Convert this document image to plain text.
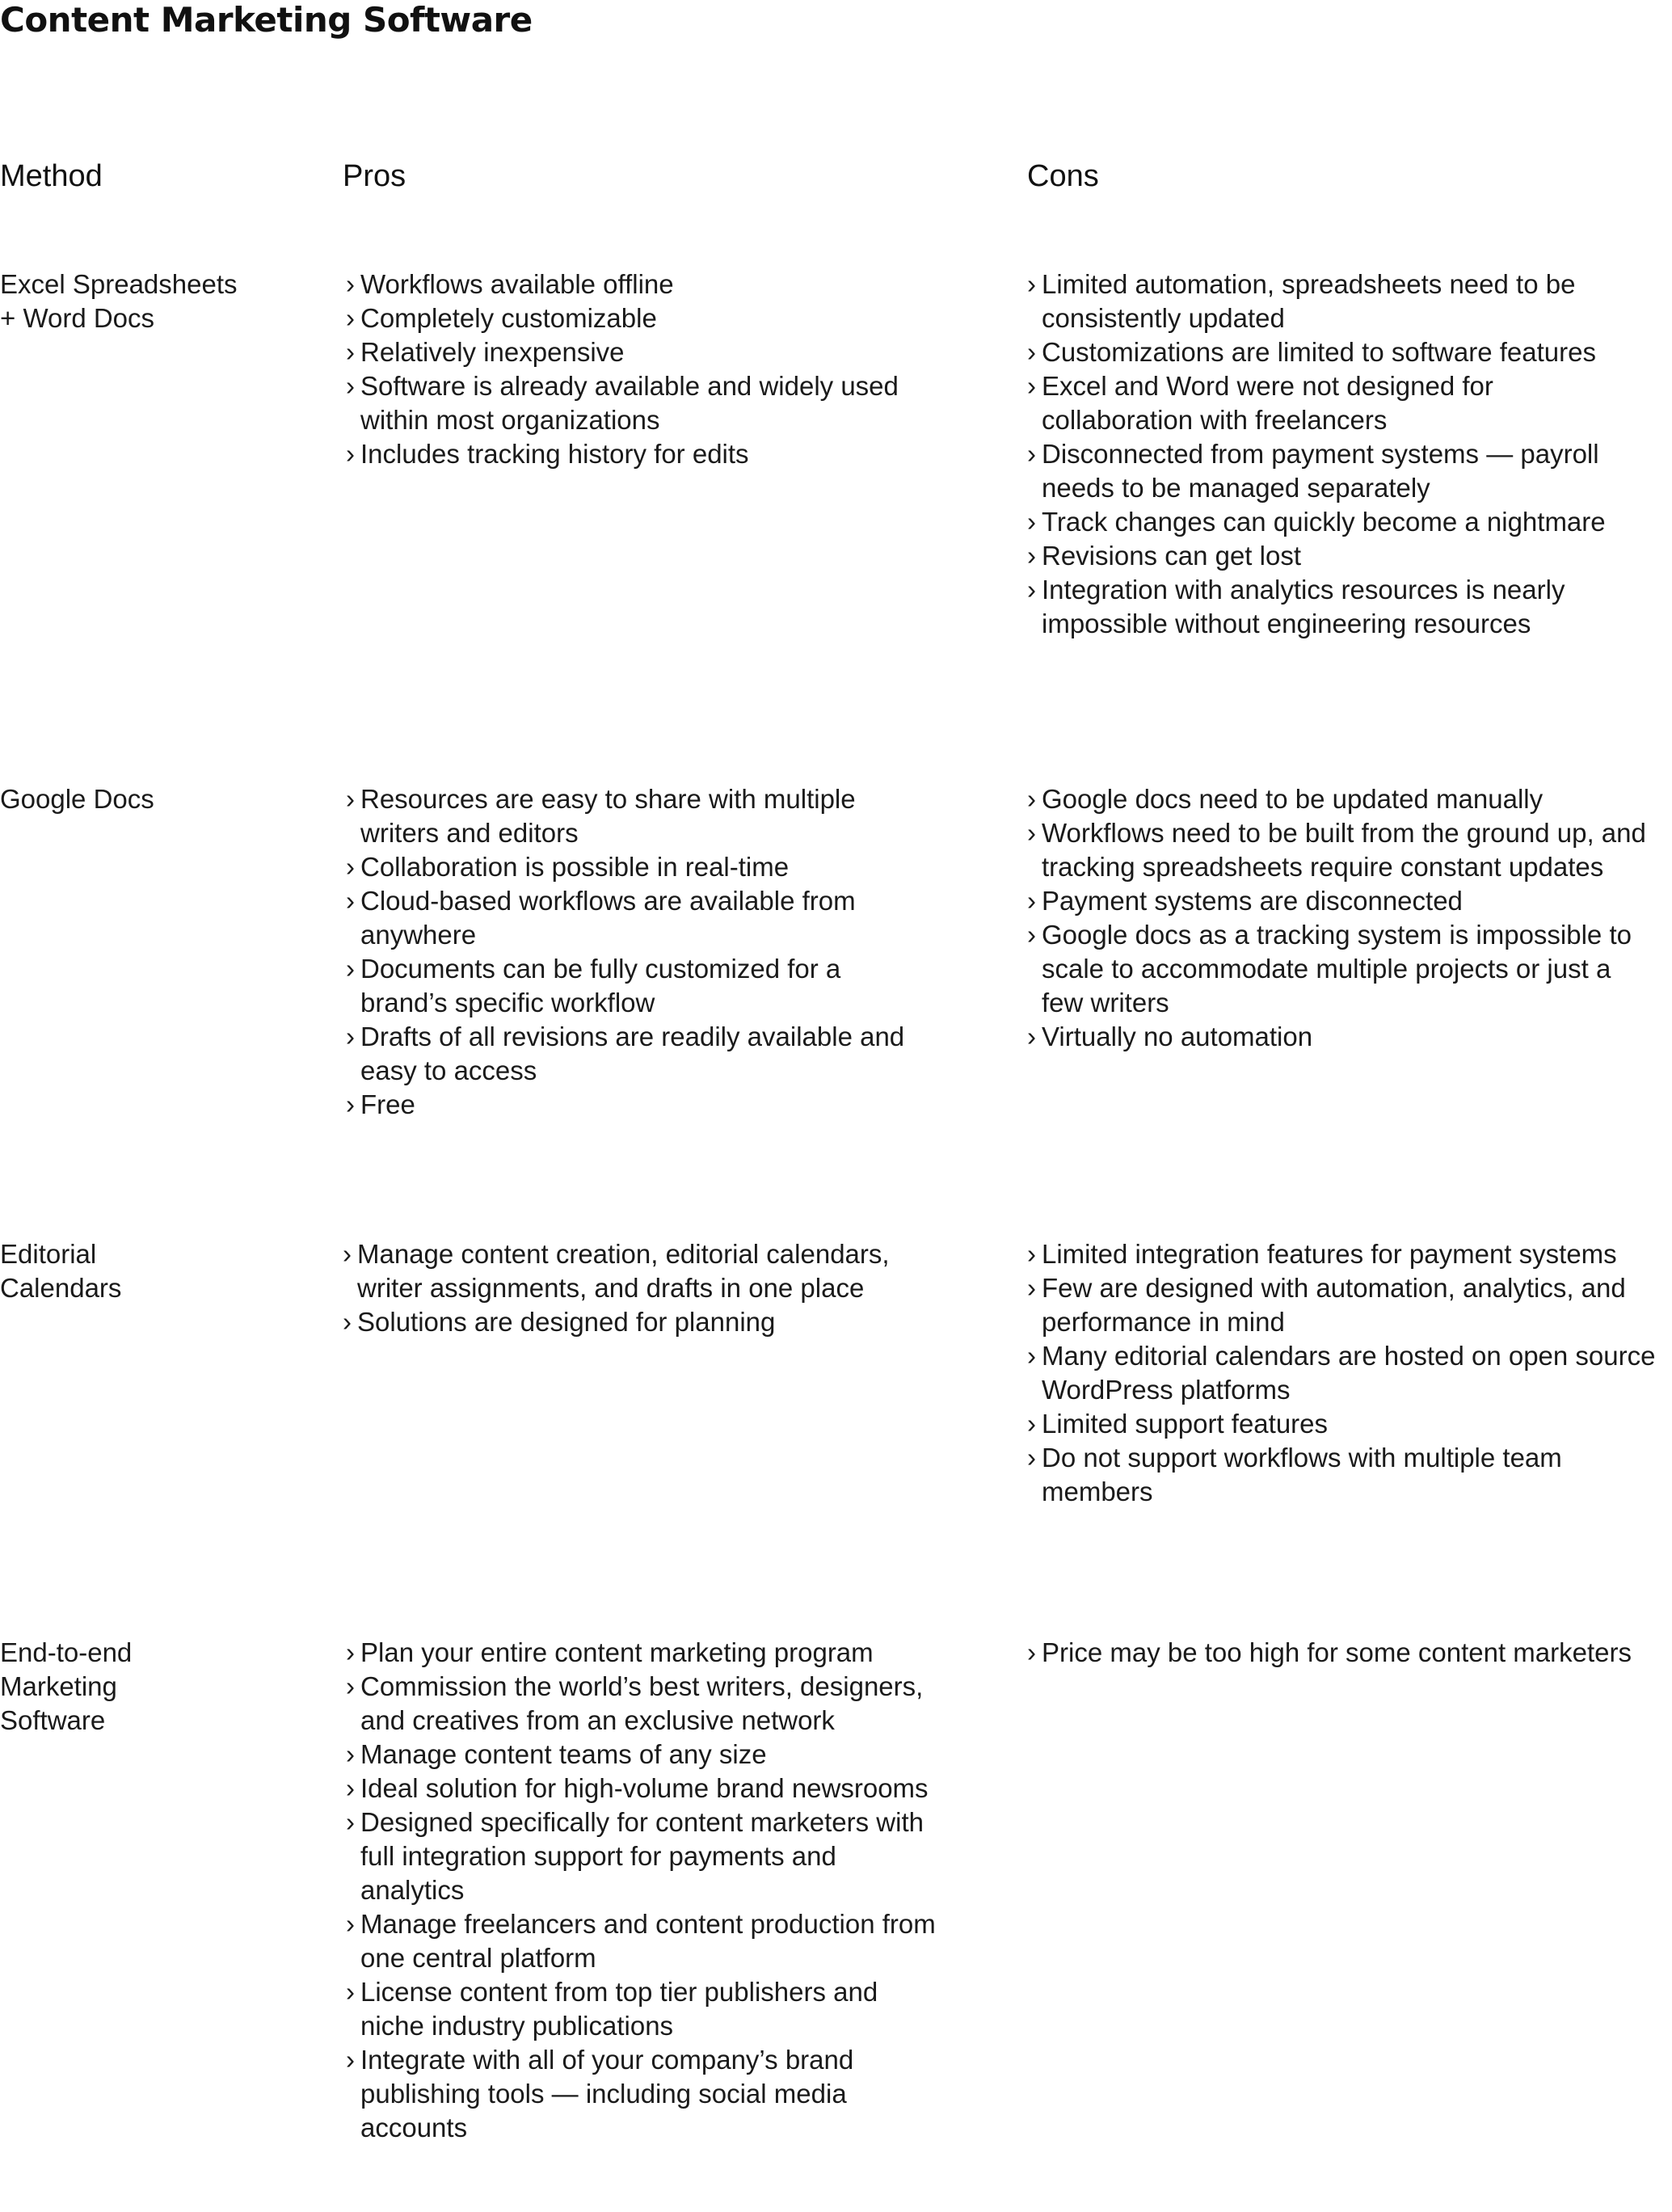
Content Marketing Software
Method	Pros	Cons
Excel Spreadsheets
+ Word Docs
› Workflows available offline
› Completely customizable
› Relatively inexpensive
› Software is already available and widely used within most organizations
› Includes tracking history for edits
› Limited automation, spreadsheets need to be consistently updated
› Customizations are limited to software features
› Excel and Word were not designed for collaboration with freelancers
› Disconnected from payment systems — payroll needs to be managed separately
› Track changes can quickly become a nightmare
› Revisions can get lost
› Integration with analytics resources is nearly impossible without engineering resources
Google Docs
›	Resources are easy to share with multiple writers and editors
› Collaboration is possible in real-time
› Cloud-based workflows are available from anywhere
› Documents can be fully customized for a brand’s specific workflow
› Drafts of all revisions are readily available and easy to access
› Free
› Google docs need to be updated manually
› Workflows need to be built from the ground up, and tracking spreadsheets require constant updates
› Payment systems are disconnected
› Google docs as a tracking system is impossible to scale to accommodate multiple projects or just a few writers
› Virtually no automation
Editorial
Calendars
› Manage content creation, editorial calendars, writer assignments, and drafts in one place
› Solutions are designed for planning
› Limited integration features for payment systems
› Few are designed with automation, analytics, and performance in mind
› Many editorial calendars are hosted on open source WordPress platforms
› Limited support features
› Do not support workflows with multiple team members
End-to-end
Marketing
Software
› Plan your entire content marketing program
› Commission the world’s best writers, designers, and creatives from an exclusive network
› Manage content teams of any size
› Ideal solution for high-volume brand newsrooms
› Designed specifically for content marketers with full integration support for payments and analytics
› Manage freelancers and content production from one central platform
› License content from top tier publishers and niche industry publications
› Integrate with all of your company’s brand publishing tools — including social media accounts
› Price may be too high for some content marketers
